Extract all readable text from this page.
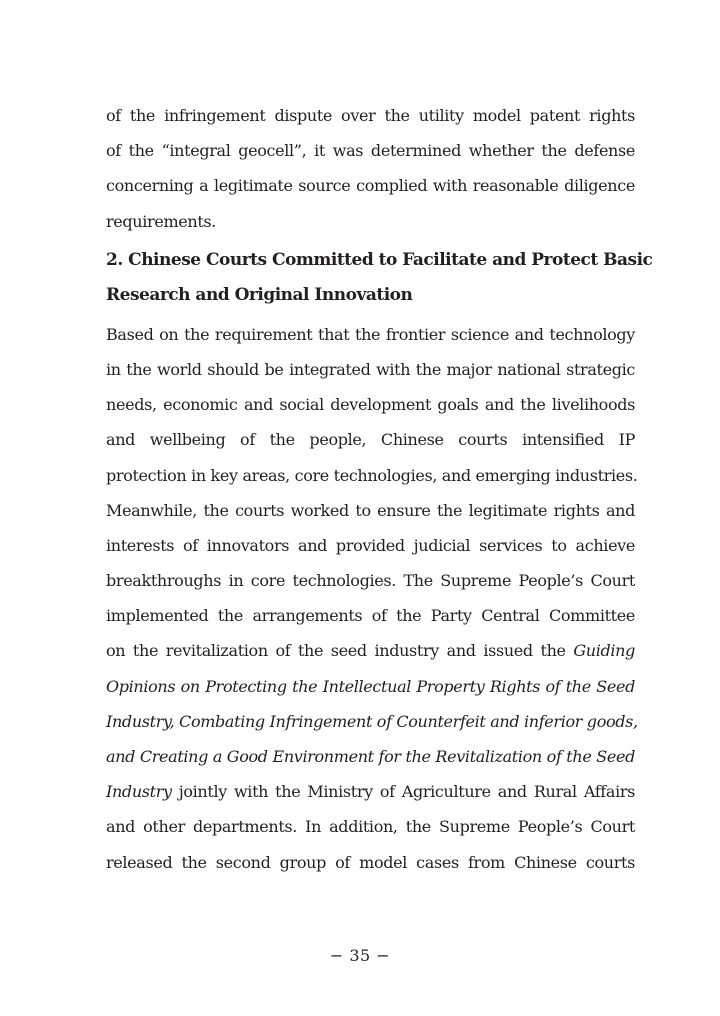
of the infringement dispute over the utility model patent rights
of the “integral geocell”, it was determined whether the defense
concerning a legitimate source complied with reasonable diligence
requirements.
2. Chinese Courts Committed to Facilitate and Protect Basic
Research and Original Innovation
Based on the requirement that the frontier science and technology
in the world should be integrated with the major national strategic
needs, economic and social development goals and the livelihoods
and wellbeing of the people, Chinese courts intensified IP
protection in key areas, core technologies, and emerging industries.
Meanwhile, the courts worked to ensure the legitimate rights and
interests of innovators and provided judicial services to achieve
breakthroughs in core technologies. The Supreme People’s Court
implemented the arrangements of the Party Central Committee
on the revitalization of the seed industry and issued the Guiding
Opinions on Protecting the Intellectual Property Rights of the Seed
Industry, Combating Infringement of Counterfeit and inferior goods,
and Creating a Good Environment for the Revitalization of the Seed
Industry jointly with the Ministry of Agriculture and Rural Affairs
and other departments. In addition, the Supreme People’s Court
released the second group of model cases from Chinese courts
− 35 −
